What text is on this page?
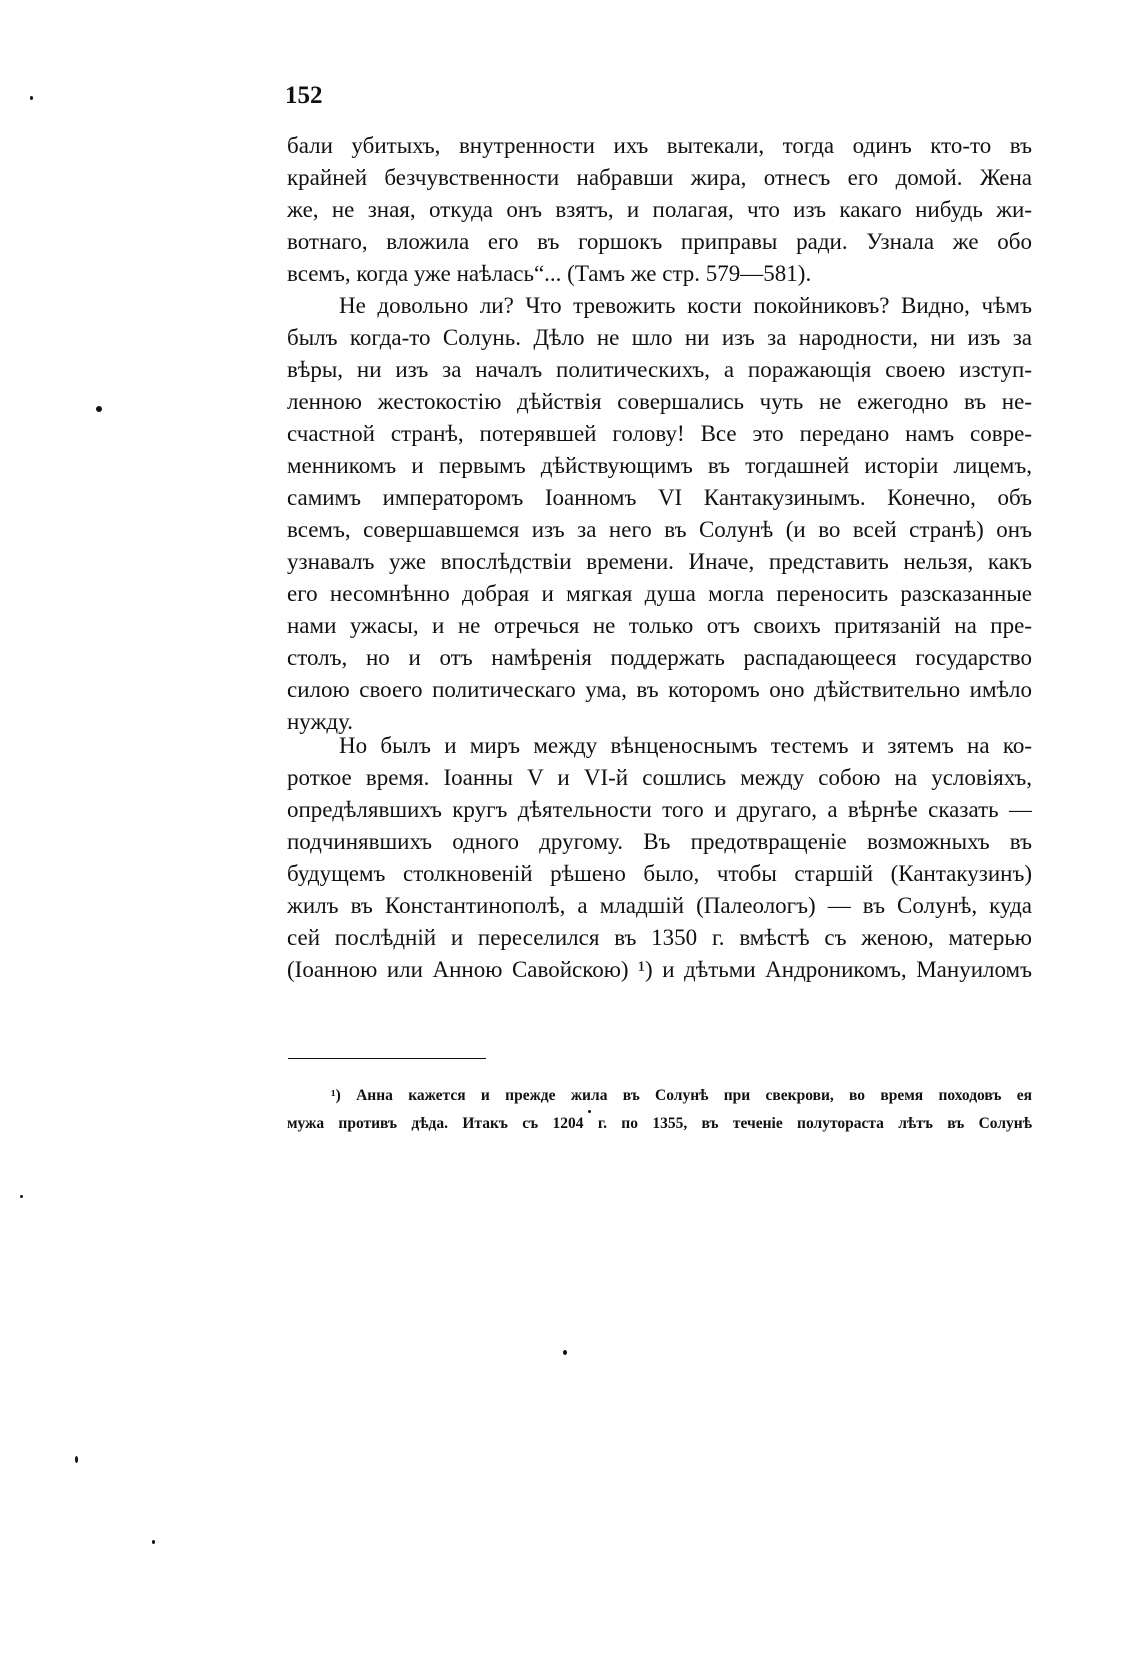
152
бали убитыхъ, внутренности ихъ вытекали, тогда одинъ кто-то въ
крайней безчувственности набравши жира, отнесъ его домой. Жена
же, не зная, откуда онъ взятъ, и полагая, что изъ какаго нибудь жи-
вотнаго, вложила его въ горшокъ приправы ради. Узнала же обо
всемъ, когда уже наѣлась“... (Тамъ же стр. 579—581).
Не довольно ли? Что тревожить кости покойниковъ? Видно, чѣмъ
былъ когда-то Солунь. Дѣло не шло ни изъ за народности, ни изъ за
вѣры, ни изъ за началъ политическихъ, а поражающія своею изступ-
ленною жестокостію дѣйствія совершались чуть не ежегодно въ не-
счастной странѣ, потерявшей голову! Все это передано намъ совре-
менникомъ и первымъ дѣйствующимъ въ тогдашней исторіи лицемъ,
самимъ императоромъ Іоанномъ VI Кантакузинымъ. Конечно, объ
всемъ, совершавшемся изъ за него въ Солунѣ (и во всей странѣ) онъ
узнавалъ уже впослѣдствіи времени. Иначе, представить нельзя, какъ
его несомнѣнно добрая и мягкая душа могла переносить разсказанные
нами ужасы, и не отречься не только отъ своихъ притязаній на пре-
столъ, но и отъ намѣренія поддержать распадающееся государство
силою своего политическаго ума, въ которомъ оно дѣйствительно имѣло
нужду.
Но былъ и миръ между вѣнценоснымъ тестемъ и зятемъ на ко-
роткое время. Іоанны V и VI-й сошлись между собою на условіяхъ,
опредѣлявшихъ кругъ дѣятельности того и другаго, а вѣрнѣе сказать —
подчинявшихъ одного другому. Въ предотвращеніе возможныхъ въ
будущемъ столкновеній рѣшено было, чтобы старшій (Кантакузинъ)
жилъ въ Константинополѣ, а младшій (Палеологъ) — въ Солунѣ, куда
сей послѣдній и переселился въ 1350 г. вмѣстѣ съ женою, матерью
(Іоанною или Анною Савойскою) ¹) и дѣтьми Андроникомъ, Мануиломъ
¹) Анна кажется и прежде жила въ Солунѣ при свекрови, во время походовъ ея
мужа противъ дѣда. Итакъ съ 1204 г. по 1355, въ теченіе полутораста лѣтъ въ Солунѣ
